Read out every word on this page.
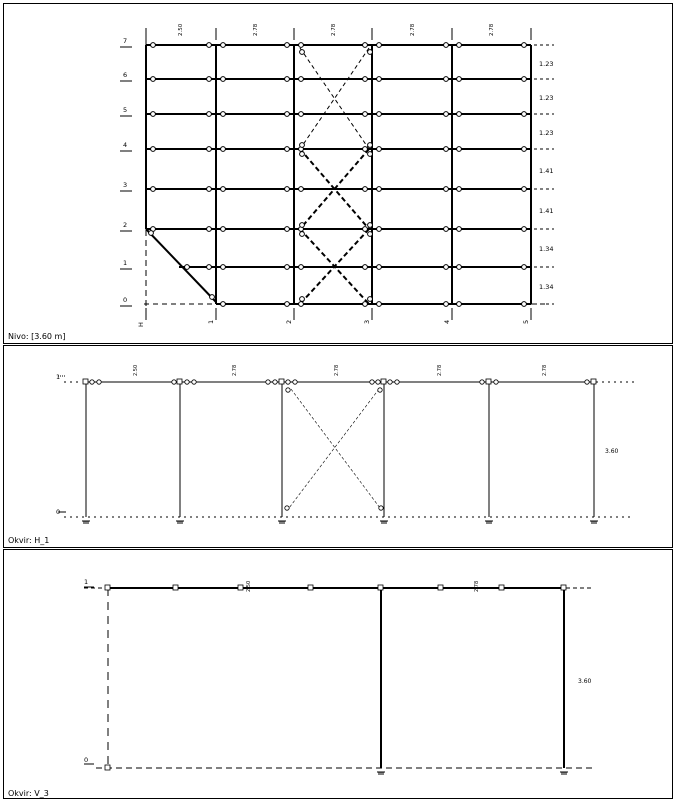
7
6
5
4
3
2
1
0
1.23
1.23
1.23
1.41
1.41
1.34
1.34
2.50	2.78	2.78	2.78	2.78
H
1	2	3	4	5
Nivo: [3.60 m]
1
0
3.60
2.50	2.78	2.78	2.78	2.78
Okvir: H_1
1
0
3.60
2.50	2.78
Okvir: V_3
